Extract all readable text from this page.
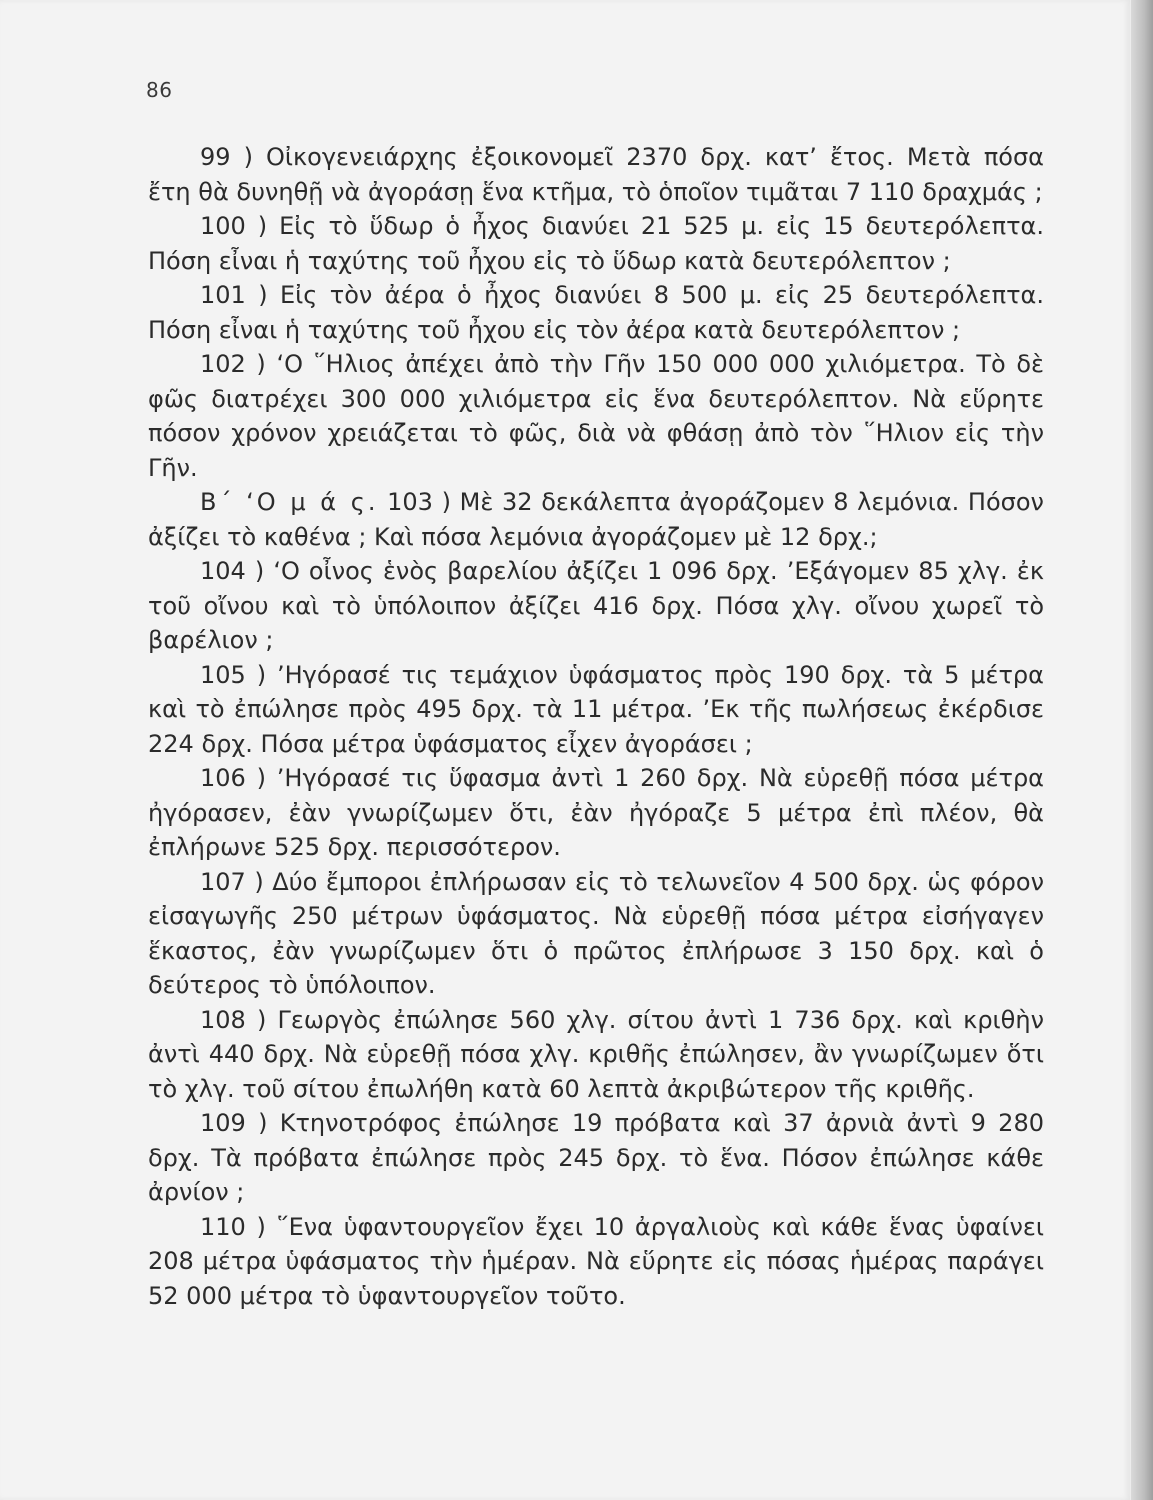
86

99 ) Οἰκογενειάρχης ἐξοικονομεῖ 2370 δρχ. κατ’ ἔτος. Μετὰ πόσα ἔτη θὰ δυνηθῇ νὰ ἀγοράσῃ ἕνα κτῆμα, τὸ ὁποῖον τιμᾶται 7 110 δραχμάς ;

100 ) Εἰς τὸ ὕδωρ ὁ ἦχος διανύει 21 525 μ. εἰς 15 δευτερόλεπτα. Πόση εἶναι ἡ ταχύτης τοῦ ἦχου εἰς τὸ ὕδωρ κατὰ δευτερόλεπτον ;

101 ) Εἰς τὸν ἀέρα ὁ ἦχος διανύει 8 500 μ. εἰς 25 δευτερόλεπτα. Πόση εἶναι ἡ ταχύτης τοῦ ἦχου εἰς τὸν ἀέρα κατὰ δευτερόλεπτον ;

102 ) ‘Ο ῞Ηλιος ἀπέχει ἀπὸ τὴν Γῆν 150 000 000 χιλιόμετρα. Τὸ δὲ φῶς διατρέχει 300 000 χιλιόμετρα εἰς ἕνα δευτερόλεπτον. Νὰ εὕρητε πόσον χρόνον χρειάζεται τὸ φῶς, διὰ νὰ φθάσῃ ἀπὸ τὸν ῞Ηλιον εἰς τὴν Γῆν.

Β΄ ‘Ο μ ά ς. 103 ) Μὲ 32 δεκάλεπτα ἀγοράζομεν 8 λεμόνια. Πόσον ἀξίζει τὸ καθένα ; Καὶ πόσα λεμόνια ἀγοράζομεν μὲ 12 δρχ.;

104 ) ‘Ο οἶνος ἑνὸς βαρελίου ἀξίζει 1 096 δρχ. ’Εξάγομεν 85 χλγ. ἐκ τοῦ οἴνου καὶ τὸ ὑπόλοιπον ἀξίζει 416 δρχ. Πόσα χλγ. οἴνου χωρεῖ τὸ βαρέλιον ;

105 ) ’Ηγόρασέ τις τεμάχιον ὑφάσματος πρὸς 190 δρχ. τὰ 5 μέτρα καὶ τὸ ἐπώλησε πρὸς 495 δρχ. τὰ 11 μέτρα. ’Εκ τῆς πωλήσεως ἐκέρδισε 224 δρχ. Πόσα μέτρα ὑφάσματος εἶχεν ἀγοράσει ;

106 ) ’Ηγόρασέ τις ὕφασμα ἀντὶ 1 260 δρχ. Νὰ εὑρεθῇ πόσα μέτρα ἠγόρασεν, ἐὰν γνωρίζωμεν ὅτι, ἐὰν ἠγόραζε 5 μέτρα ἐπὶ πλέον, θὰ ἐπλήρωνε 525 δρχ. περισσότερον.

107 ) Δύο ἔμποροι ἐπλήρωσαν εἰς τὸ τελωνεῖον 4 500 δρχ. ὡς φόρον εἰσαγωγῆς 250 μέτρων ὑφάσματος. Νὰ εὑρεθῇ πόσα μέτρα εἰσήγαγεν ἕκαστος, ἐὰν γνωρίζωμεν ὅτι ὁ πρῶτος ἐπλήρωσε 3 150 δρχ. καὶ ὁ δεύτερος τὸ ὑπόλοιπον.

108 ) Γεωργὸς ἐπώλησε 560 χλγ. σίτου ἀντὶ 1 736 δρχ. καὶ κριθὴν ἀντὶ 440 δρχ. Νὰ εὑρεθῇ πόσα χλγ. κριθῆς ἐπώλησεν, ἂν γνωρίζωμεν ὅτι τὸ χλγ. τοῦ σίτου ἐπωλήθη κατὰ 60 λεπτὰ ἀκριβώτερον τῆς κριθῆς.

109 ) Κτηνοτρόφος ἐπώλησε 19 πρόβατα καὶ 37 ἀρνιὰ ἀντὶ 9 280 δρχ. Τὰ πρόβατα ἐπώλησε πρὸς 245 δρχ. τὸ ἕνα. Πόσον ἐπώλησε κάθε ἀρνίον ;

110 ) ῞Ενα ὑφαντουργεῖον ἔχει 10 ἀργαλιοὺς καὶ κάθε ἕνας ὑφαίνει 208 μέτρα ὑφάσματος τὴν ἡμέραν. Νὰ εὕρητε εἰς πόσας ἡμέρας παράγει 52 000 μέτρα τὸ ὑφαντουργεῖον τοῦτο.
